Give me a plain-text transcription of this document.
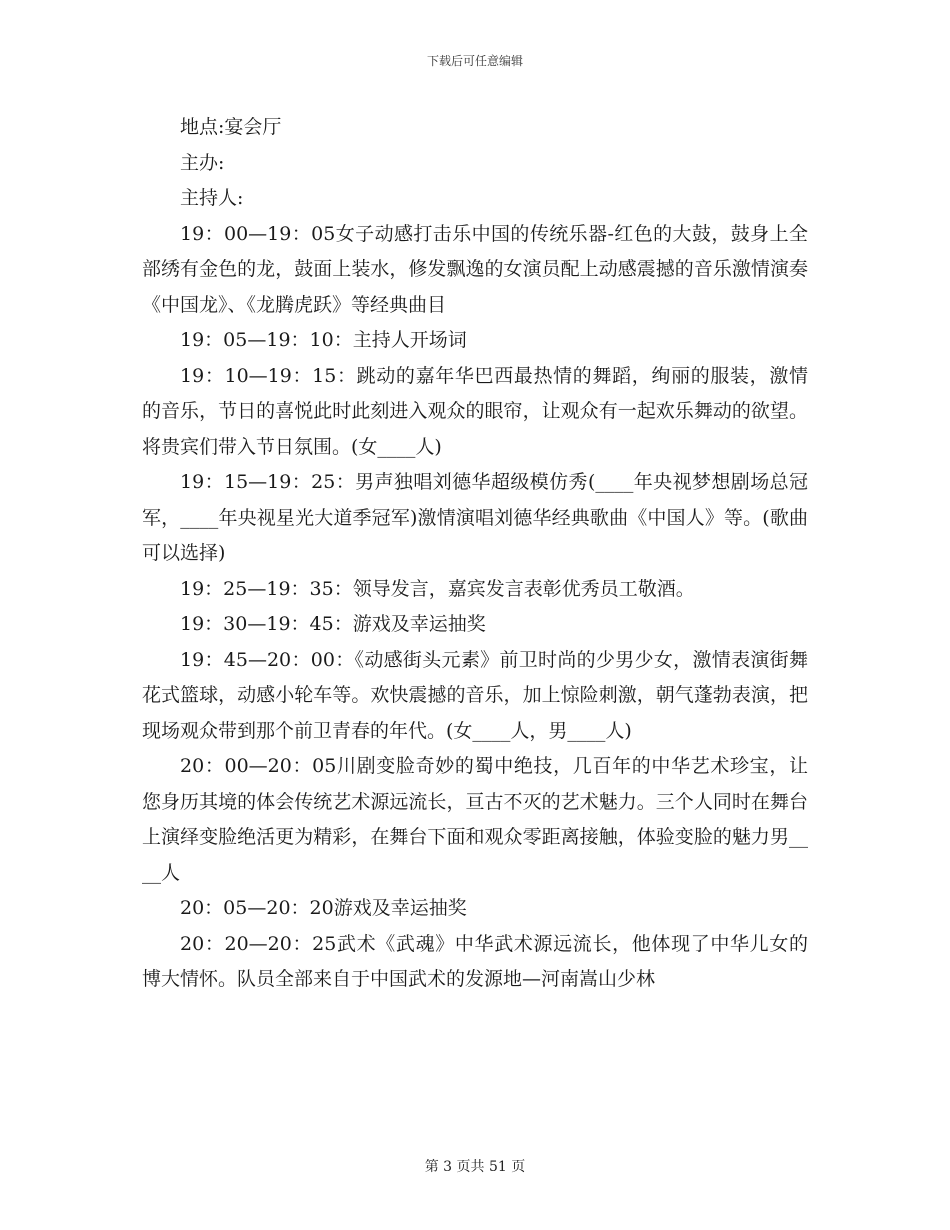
下载后可任意编辑

地点:宴会厅

主办:

主持人:

19：00—19：05女子动感打击乐中国的传统乐器-红色的大鼓，鼓身上全部绣有金色的龙，鼓面上装水，修发飘逸的女演员配上动感震撼的音乐激情演奏《中国龙》、《龙腾虎跃》等经典曲目

19：05—19：10：主持人开场词

19：10—19：15：跳动的嘉年华巴西最热情的舞蹈，绚丽的服装，激情的音乐，节日的喜悦此时此刻进入观众的眼帘，让观众有一起欢乐舞动的欲望。将贵宾们带入节日氛围。(女____人)

19：15—19：25：男声独唱刘德华超级模仿秀(____年央视梦想剧场总冠军，____年央视星光大道季冠军)激情演唱刘德华经典歌曲《中国人》等。(歌曲可以选择)

19：25—19：35：领导发言，嘉宾发言表彰优秀员工敬酒。

19：30—19：45：游戏及幸运抽奖

19：45—20：00：《动感街头元素》前卫时尚的少男少女，激情表演街舞花式篮球，动感小轮车等。欢快震撼的音乐，加上惊险刺激，朝气蓬勃表演，把现场观众带到那个前卫青春的年代。(女____人，男____人)

20：00—20：05川剧变脸奇妙的蜀中绝技，几百年的中华艺术珍宝，让您身历其境的体会传统艺术源远流长，亘古不灭的艺术魅力。三个人同时在舞台上演绎变脸绝活更为精彩，在舞台下面和观众零距离接触，体验变脸的魅力男____人

20：05—20：20游戏及幸运抽奖

20：20—20：25武术《武魂》中华武术源远流长，他体现了中华儿女的博大情怀。队员全部来自于中国武术的发源地—河南嵩山少林

第 3 页共 51 页
